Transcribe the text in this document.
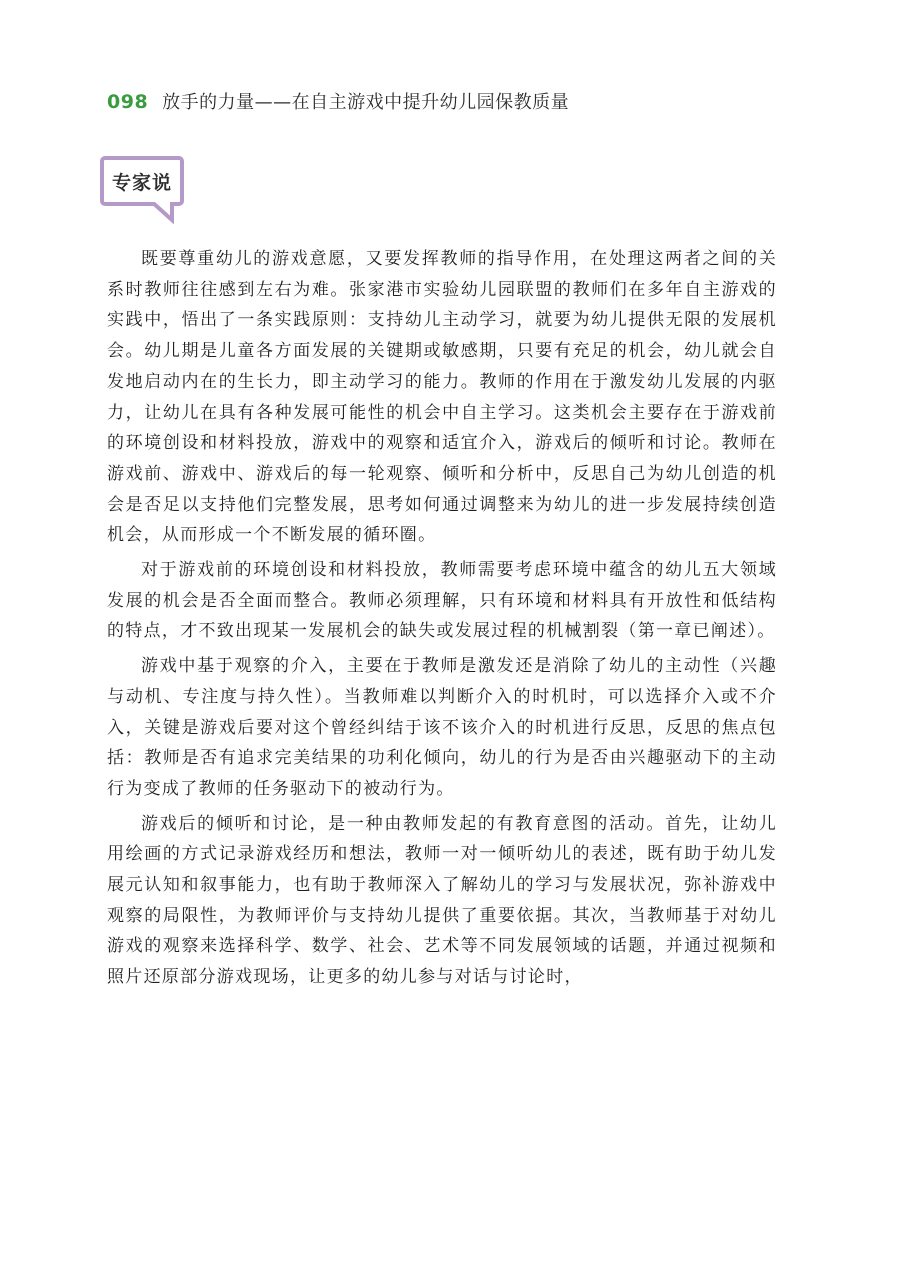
098 放手的力量——在自主游戏中提升幼儿园保教质量
专家说

既要尊重幼儿的游戏意愿，又要发挥教师的指导作用，在处理这两者之间的关系时教师往往感到左右为难。张家港市实验幼儿园联盟的教师们在多年自主游戏的实践中，悟出了一条实践原则：支持幼儿主动学习，就要为幼儿提供无限的发展机会。幼儿期是儿童各方面发展的关键期或敏感期，只要有充足的机会，幼儿就会自发地启动内在的生长力，即主动学习的能力。教师的作用在于激发幼儿发展的内驱力，让幼儿在具有各种发展可能性的机会中自主学习。这类机会主要存在于游戏前的环境创设和材料投放，游戏中的观察和适宜介入，游戏后的倾听和讨论。教师在游戏前、游戏中、游戏后的每一轮观察、倾听和分析中，反思自己为幼儿创造的机会是否足以支持他们完整发展，思考如何通过调整来为幼儿的进一步发展持续创造机会，从而形成一个不断发展的循环圈。

对于游戏前的环境创设和材料投放，教师需要考虑环境中蕴含的幼儿五大领域发展的机会是否全面而整合。教师必须理解，只有环境和材料具有开放性和低结构的特点，才不致出现某一发展机会的缺失或发展过程的机械割裂（第一章已阐述）。

游戏中基于观察的介入，主要在于教师是激发还是消除了幼儿的主动性（兴趣与动机、专注度与持久性）。当教师难以判断介入的时机时，可以选择介入或不介入，关键是游戏后要对这个曾经纠结于该不该介入的时机进行反思，反思的焦点包括：教师是否有追求完美结果的功利化倾向，幼儿的行为是否由兴趣驱动下的主动行为变成了教师的任务驱动下的被动行为。

游戏后的倾听和讨论，是一种由教师发起的有教育意图的活动。首先，让幼儿用绘画的方式记录游戏经历和想法，教师一对一倾听幼儿的表述，既有助于幼儿发展元认知和叙事能力，也有助于教师深入了解幼儿的学习与发展状况，弥补游戏中观察的局限性，为教师评价与支持幼儿提供了重要依据。其次，当教师基于对幼儿游戏的观察来选择科学、数学、社会、艺术等不同发展领域的话题，并通过视频和照片还原部分游戏现场，让更多的幼儿参与对话与讨论时，
